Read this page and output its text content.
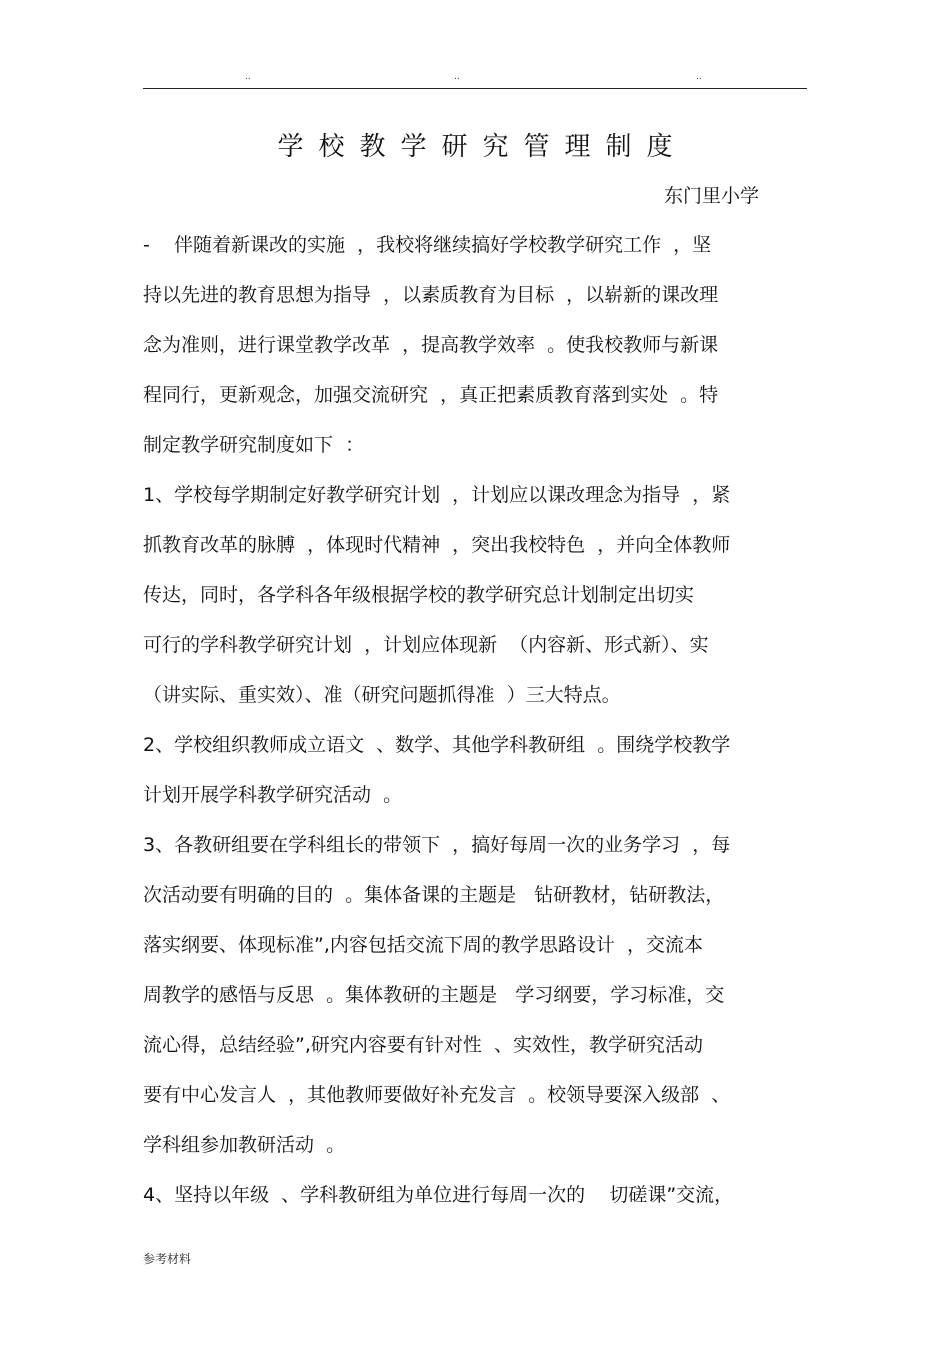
..	..	..
学校教学研究管理制度
东门里小学
-    伴随着新课改的实施  ，我校将继续搞好学校教学研究工作  ，坚
持以先进的教育思想为指导  ，以素质教育为目标  ，以崭新的课改理
念为准则，进行课堂教学改革  ，提高教学效率  。使我校教师与新课
程同行，更新观念，加强交流研究  ，真正把素质教育落到实处  。特
制定教学研究制度如下  ：
1、学校每学期制定好教学研究计划  ，计划应以课改理念为指导  ，紧
抓教育改革的脉膊  ，体现时代精神  ，突出我校特色  ，并向全体教师
传达，同时，各学科各年级根据学校的教学研究总计划制定出切实
可行的学科教学研究计划  ，计划应体现新  （内容新、形式新）、实
（讲实际、重实效）、准（研究问题抓得准  ）三大特点。
2、学校组织教师成立语文  、数学、其他学科教研组  。围绕学校教学
计划开展学科教学研究活动  。
3、各教研组要在学科组长的带领下  ，搞好每周一次的业务学习  ，每
次活动要有明确的目的  。集体备课的主题是   钻研教材，钻研教法，
落实纲要、体现标准”,内容包括交流下周的教学思路设计  ，交流本
周教学的感悟与反思  。集体教研的主题是   学习纲要，学习标准，交
流心得，总结经验”,研究内容要有针对性  、实效性，教学研究活动
要有中心发言人  ，其他教师要做好补充发言  。校领导要深入级部  、
学科组参加教研活动  。
4、坚持以年级  、学科教研组为单位进行每周一次的    切磋课”交流，
参考材料
